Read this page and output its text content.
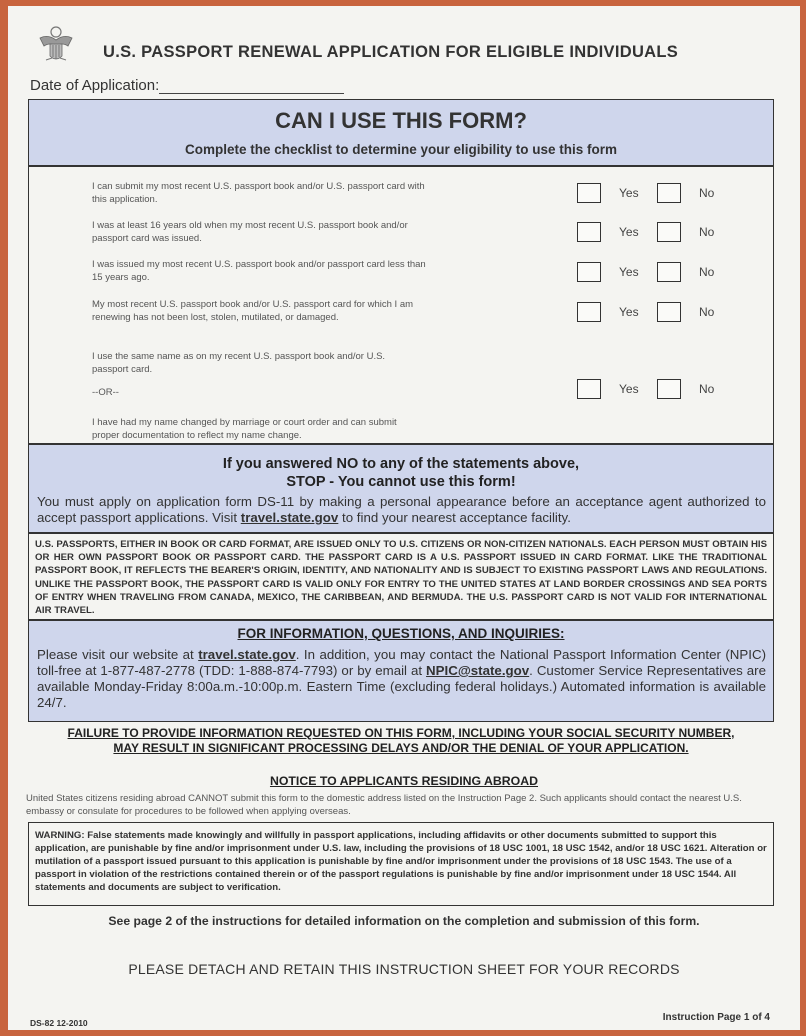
U.S. PASSPORT RENEWAL APPLICATION FOR ELIGIBLE INDIVIDUALS
Date of Application:
CAN I USE THIS FORM?
Complete the checklist to determine your eligibility to use this form
I can submit my most recent U.S. passport book and/or U.S. passport card with this application.	Yes	No
I was at least 16 years old when my most recent U.S. passport book and/or passport card was issued.	Yes	No
I was issued my most recent U.S. passport book and/or passport card less than 15 years ago.	Yes	No
My most recent U.S. passport book and/or U.S. passport card for which I am renewing has not been lost, stolen, mutilated, or damaged.	Yes	No
I use the same name as on my recent U.S. passport book and/or U.S. passport card.
--OR--
I have had my name changed by marriage or court order and can submit proper documentation to reflect my name change.
Yes	No
If you answered NO to any of the statements above,
STOP - You cannot use this form!
You must apply on application form DS-11 by making a personal appearance before an acceptance agent authorized to accept passport applications. Visit travel.state.gov to find your nearest acceptance facility.
U.S. PASSPORTS, EITHER IN BOOK OR CARD FORMAT, ARE ISSUED ONLY TO U.S. CITIZENS OR NON-CITIZEN NATIONALS. EACH PERSON MUST OBTAIN HIS OR HER OWN PASSPORT BOOK OR PASSPORT CARD. THE PASSPORT CARD IS A U.S. PASSPORT ISSUED IN CARD FORMAT. LIKE THE TRADITIONAL PASSPORT BOOK, IT REFLECTS THE BEARER'S ORIGIN, IDENTITY, AND NATIONALITY AND IS SUBJECT TO EXISTING PASSPORT LAWS AND REGULATIONS. UNLIKE THE PASSPORT BOOK, THE PASSPORT CARD IS VALID ONLY FOR ENTRY TO THE UNITED STATES AT LAND BORDER CROSSINGS AND SEA PORTS OF ENTRY WHEN TRAVELING FROM CANADA, MEXICO, THE CARIBBEAN, AND BERMUDA. THE U.S. PASSPORT CARD IS NOT VALID FOR INTERNATIONAL AIR TRAVEL.
FOR INFORMATION, QUESTIONS, AND INQUIRIES:
Please visit our website at travel.state.gov. In addition, you may contact the National Passport Information Center (NPIC) toll-free at 1-877-487-2778 (TDD: 1-888-874-7793) or by email at NPIC@state.gov. Customer Service Representatives are available Monday-Friday 8:00a.m.-10:00p.m. Eastern Time (excluding federal holidays.) Automated information is available 24/7.
FAILURE TO PROVIDE INFORMATION REQUESTED ON THIS FORM, INCLUDING YOUR SOCIAL SECURITY NUMBER,
MAY RESULT IN SIGNIFICANT PROCESSING DELAYS AND/OR THE DENIAL OF YOUR APPLICATION.
NOTICE TO APPLICANTS RESIDING ABROAD
United States citizens residing abroad CANNOT submit this form to the domestic address listed on the Instruction Page 2. Such applicants should contact the nearest U.S. embassy or consulate for procedures to be followed when applying overseas.
WARNING: False statements made knowingly and willfully in passport applications, including affidavits or other documents submitted to support this application, are punishable by fine and/or imprisonment under U.S. law, including the provisions of 18 USC 1001, 18 USC 1542, and/or 18 USC 1621. Alteration or mutilation of a passport issued pursuant to this application is punishable by fine and/or imprisonment under the provisions of 18 USC 1543. The use of a passport in violation of the restrictions contained therein or of the passport regulations is punishable by fine and/or imprisonment under 18 USC 1544. All statements and documents are subject to verification.
See page 2 of the instructions for detailed information on the completion and submission of this form.
PLEASE DETACH AND RETAIN THIS INSTRUCTION SHEET FOR YOUR RECORDS
DS-82 12-2010	Instruction Page 1 of 4
